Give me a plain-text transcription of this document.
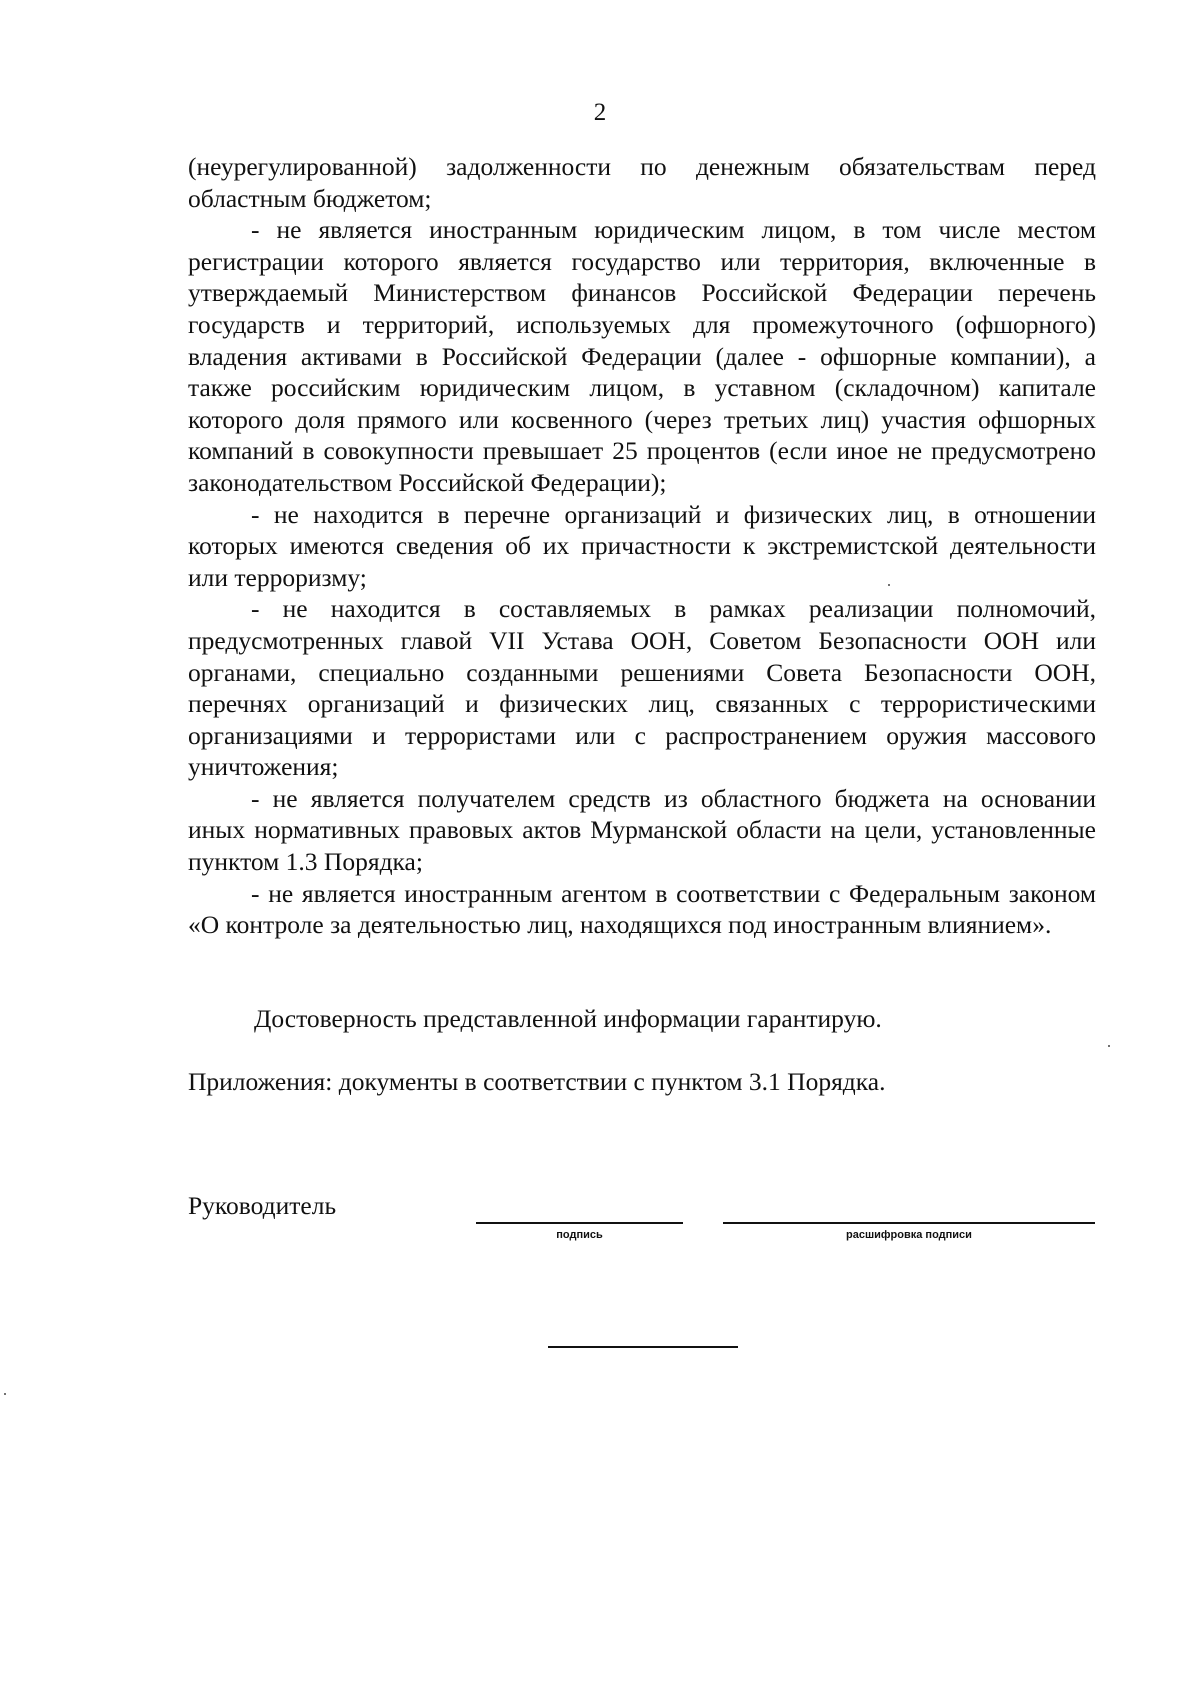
2

(неурегулированной) задолженности по денежным обязательствам перед областным бюджетом;

- не является иностранным юридическим лицом, в том числе местом регистрации которого является государство или территория, включенные в утверждаемый Министерством финансов Российской Федерации перечень государств и территорий, используемых для промежуточного (офшорного) владения активами в Российской Федерации (далее - офшорные компании), а также российским юридическим лицом, в уставном (складочном) капитале которого доля прямого или косвенного (через третьих лиц) участия офшорных компаний в совокупности превышает 25 процентов (если иное не предусмотрено законодательством Российской Федерации);

- не находится в перечне организаций и физических лиц, в отношении которых имеются сведения об их причастности к экстремистской деятельности или терроризму;

- не находится в составляемых в рамках реализации полномочий, предусмотренных главой VII Устава ООН, Советом Безопасности ООН или органами, специально созданными решениями Совета Безопасности ООН, перечнях организаций и физических лиц, связанных с террористическими организациями и террористами или с распространением оружия массового уничтожения;

- не является получателем средств из областного бюджета на основании иных нормативных правовых актов Мурманской области на цели, установленные пунктом 1.3 Порядка;

- не является иностранным агентом в соответствии с Федеральным законом «О контроле за деятельностью лиц, находящихся под иностранным влиянием».

Достоверность представленной информации гарантирую.

Приложения: документы в соответствии с пунктом 3.1 Порядка.

Руководитель
подпись	расшифровка подписи
